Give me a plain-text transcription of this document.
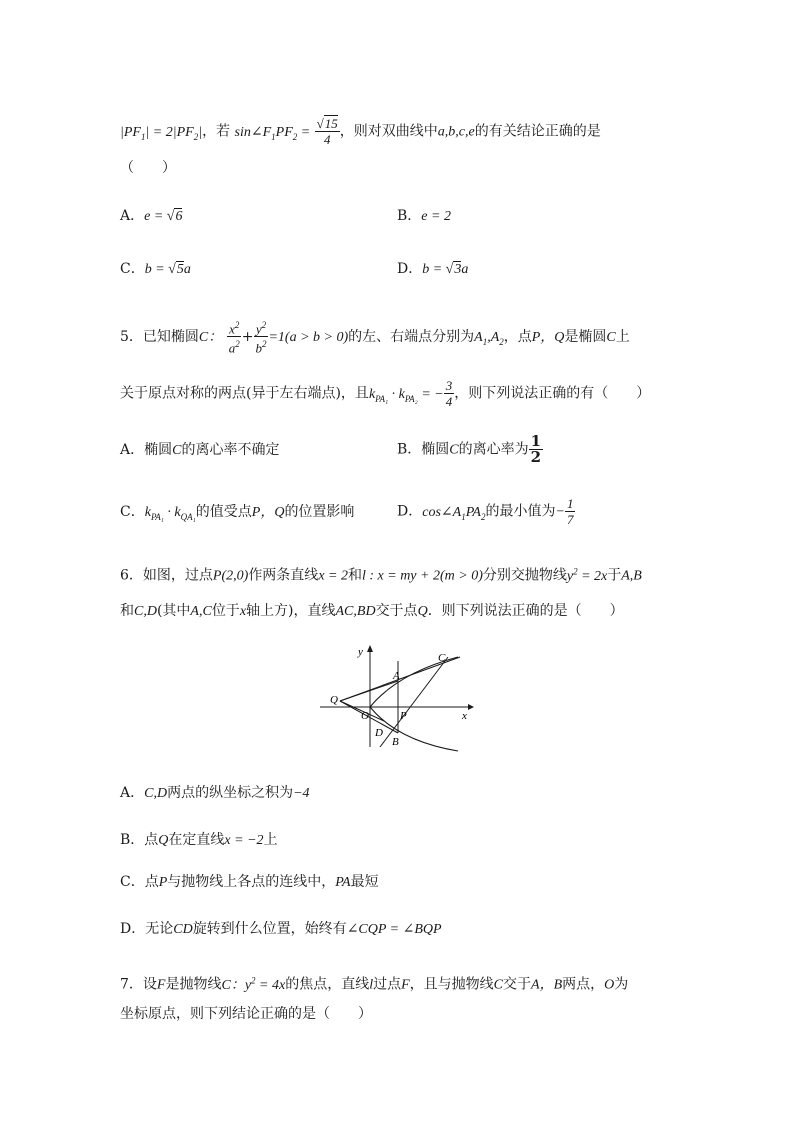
$|PF_1| = 2|PF_2|$，若 $\sin\angle F_1PF_2 = \frac{√15}{4}$ ，则对双曲线中a,b,c,e的有关结论正确的是
（　　）
A．e = √6	B．e = 2
C．b = √5a	D．b = √3a
5．已知椭圆C： $\frac{x^2}{a^2} + \frac{y^2}{b^2} =1(a > b > 0)$的左、右端点分别为$A_1,A_2$，点P，Q是椭圆C上
关于原点对称的两点(异于左右端点)，且$k_{PA_1} \cdot k_{PA_2}$ = − $\frac{3}{4}$ ，则下列说法正确的有（　　）
A．椭圆C的离心率不确定	B．椭圆C的离心率为 $\frac{1}{2}$
C．$k_{PA_1} \cdot k_{QA_1}$的值受点P，Q的位置影响	D．$\cos\angle A_1PA_2$的最小值为− $\frac{1}{7}$
6．如图，过点P(2,0)作两条直线x = 2和l : x = my + 2(m > 0)分别交抛物线$y^2 = 2x$于A,B
和C,D(其中A,C位于x轴上方)，直线AC,BD交于点Q．则下列说法正确的是（　　）
y
x
Q
O
A
B
C
D
P
A．C,D两点的纵坐标之积为−4
B．点Q在定直线x = −2上
C．点P与抛物线上各点的连线中，PA最短
D．无论CD旋转到什么位置，始终有∠CQP = ∠BQP
7．设F是抛物线C：$y^2 = 4x$的焦点，直线l过点F，且与抛物线C交于A，B两点，O为
坐标原点，则下列结论正确的是（　　）
